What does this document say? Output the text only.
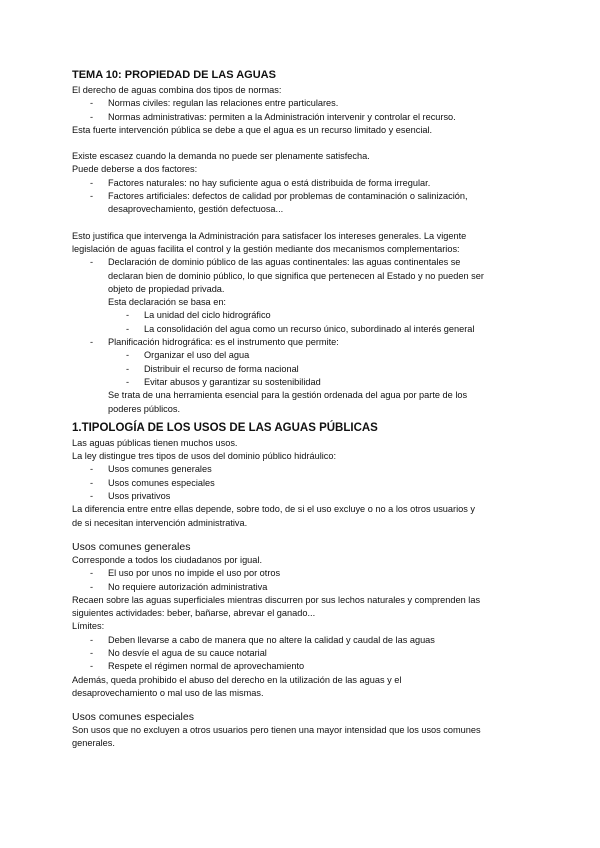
TEMA 10: PROPIEDAD DE LAS AGUAS
El derecho de aguas combina dos tipos de normas:
- Normas civiles: regulan las relaciones entre particulares.
- Normas administrativas: permiten a la Administración intervenir y controlar el recurso.
Esta fuerte intervención pública se debe a que el agua es un recurso limitado y esencial.
Existe escasez cuando la demanda no puede ser plenamente satisfecha.
Puede deberse a dos factores:
- Factores naturales: no hay suficiente agua o está distribuida de forma irregular.
- Factores artificiales: defectos de calidad por problemas de contaminación o salinización,
desaprovechamiento, gestión defectuosa...
Esto justifica que intervenga la Administración para satisfacer los intereses generales. La vigente
legislación de aguas facilita el control y la gestión mediante dos mecanismos complementarios:
- Declaración de dominio público de las aguas continentales: las aguas continentales se
declaran bien de dominio público, lo que significa que pertenecen al Estado y no pueden ser
objeto de propiedad privada.
Esta declaración se basa en:
- La unidad del ciclo hidrográfico
- La consolidación del agua como un recurso único, subordinado al interés general
- Planificación hidrográfica: es el instrumento que permite:
- Organizar el uso del agua
- Distribuir el recurso de forma nacional
- Evitar abusos y garantizar su sostenibilidad
Se trata de una herramienta esencial para la gestión ordenada del agua por parte de los
poderes públicos.
1.TIPOLOGÍA DE LOS USOS DE LAS AGUAS PÚBLICAS
Las aguas públicas tienen muchos usos.
La ley distingue tres tipos de usos del dominio público hidráulico:
- Usos comunes generales
- Usos comunes especiales
- Usos privativos
La diferencia entre entre ellas depende, sobre todo, de si el uso excluye o no a los otros usuarios y
de si necesitan intervención administrativa.
Usos comunes generales
Corresponde a todos los ciudadanos por igual.
- El uso por unos no impide el uso por otros
- No requiere autorización administrativa
Recaen sobre las aguas superficiales mientras discurren por sus lechos naturales y comprenden las
siguientes actividades: beber, bañarse, abrevar el ganado...
Límites:
- Deben llevarse a cabo de manera que no altere la calidad y caudal de las aguas
- No desvíe el agua de su cauce notarial
- Respete el régimen normal de aprovechamiento
Además, queda prohibido el abuso del derecho en la utilización de las aguas y el
desaprovechamiento o mal uso de las mismas.
Usos comunes especiales
Son usos que no excluyen a otros usuarios pero tienen una mayor intensidad que los usos comunes
generales.
